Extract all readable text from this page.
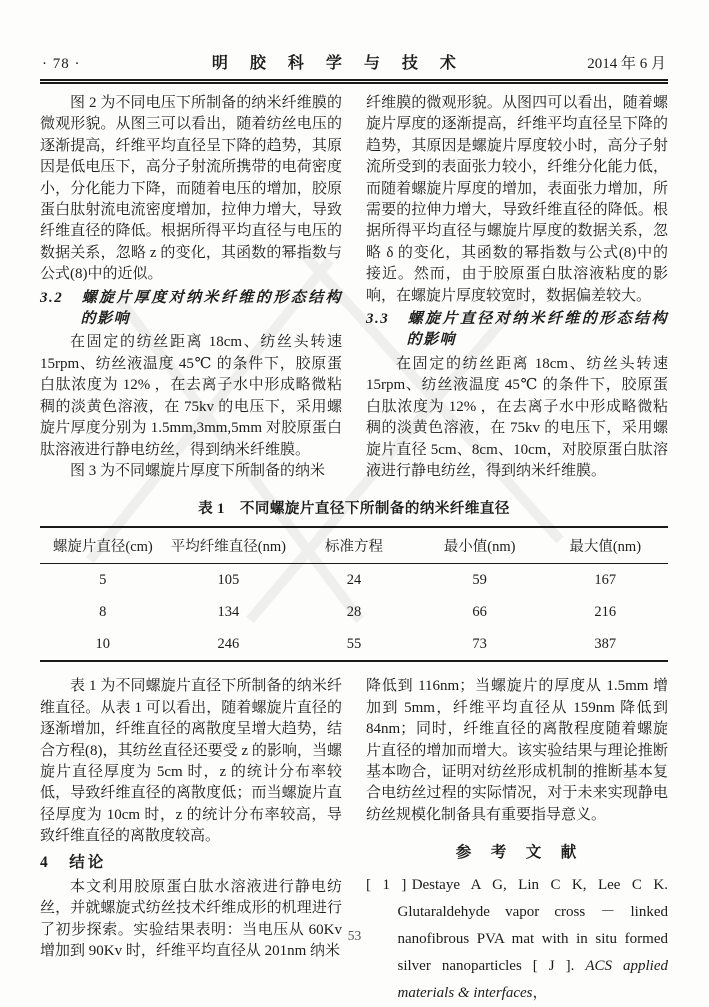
· 78 ·	明 胶 科 学 与 技 术	2014 年 6 月

图 2 为不同电压下所制备的纳米纤维膜的微观形貌。从图三可以看出，随着纺丝电压的逐渐提高，纤维平均直径呈下降的趋势，其原因是低电压下，高分子射流所携带的电荷密度小，分化能力下降，而随着电压的增加，胶原蛋白肽射流电流密度增加，拉伸力增大，导致纤维直径的降低。根据所得平均直径与电压的数据关系，忽略 z 的变化，其函数的幂指数与公式(8)中的近似。

3.2　螺旋片厚度对纳米纤维的形态结构的影响

在固定的纺丝距离 18cm、纺丝头转速 15rpm、纺丝液温度 45℃ 的条件下，胶原蛋白肽浓度为 12% ，在去离子水中形成略微粘稠的淡黄色溶液，在 75kv 的电压下，采用螺旋片厚度分别为 1.5mm,3mm,5mm 对胶原蛋白肽溶液进行静电纺丝，得到纳米纤维膜。

图 3 为不同螺旋片厚度下所制备的纳米

纤维膜的微观形貌。从图四可以看出，随着螺旋片厚度的逐渐提高，纤维平均直径呈下降的趋势，其原因是螺旋片厚度较小时，高分子射流所受到的表面张力较小，纤维分化能力低，而随着螺旋片厚度的增加，表面张力增加，所需要的拉伸力增大，导致纤维直径的降低。根据所得平均直径与螺旋片厚度的数据关系，忽略 δ 的变化，其函数的幂指数与公式(8)中的接近。然而，由于胶原蛋白肽溶液粘度的影响，在螺旋片厚度较宽时，数据偏差较大。

3.3　螺旋片直径对纳米纤维的形态结构的影响

在固定的纺丝距离 18cm、纺丝头转速 15rpm、纺丝液温度 45℃ 的条件下，胶原蛋白肽浓度为 12% ，在去离子水中形成略微粘稠的淡黄色溶液，在 75kv 的电压下，采用螺旋片直径 5cm、8cm、10cm，对胶原蛋白肽溶液进行静电纺丝，得到纳米纤维膜。

表 1　不同螺旋片直径下所制备的纳米纤维直径
螺旋片直径(cm)	平均纤维直径(nm)	标准方程	最小值(nm)	最大值(nm)
5	105	24	59	167
8	134	28	66	216
10	246	55	73	387

表 1 为不同螺旋片直径下所制备的纳米纤维直径。从表 1 可以看出，随着螺旋片直径的逐渐增加，纤维直径的离散度呈增大趋势，结合方程(8)，其纺丝直径还要受 z 的影响，当螺旋片直径厚度为 5cm 时，z 的统计分布率较低，导致纤维直径的离散度低；而当螺旋片直径厚度为 10cm 时，z 的统计分布率较高，导致纤维直径的离散度较高。

4　结论

本文利用胶原蛋白肽水溶液进行静电纺丝，并就螺旋式纺丝技术纤维成形的机理进行了初步探索。实验结果表明：当电压从 60Kv 增加到 90Kv 时，纤维平均直径从 201nm 纳米

降低到 116nm；当螺旋片的厚度从 1.5mm 增加到 5mm，纤维平均直径从 159nm 降低到 84nm；同时，纤维直径的离散程度随着螺旋片直径的增加而增大。该实验结果与理论推断基本吻合，证明对纺丝形成机制的推断基本复合电纺丝过程的实际情况，对于未来实现静电纺丝规模化制备具有重要指导意义。

参　考　文　献

[ 1 ] Destaye A G, Lin C K, Lee C K. Glutaraldehyde vapor cross － linked nanofibrous PVA mat with in situ formed silver nanoparticles [ J ]. ACS applied materials & interfaces，

53
